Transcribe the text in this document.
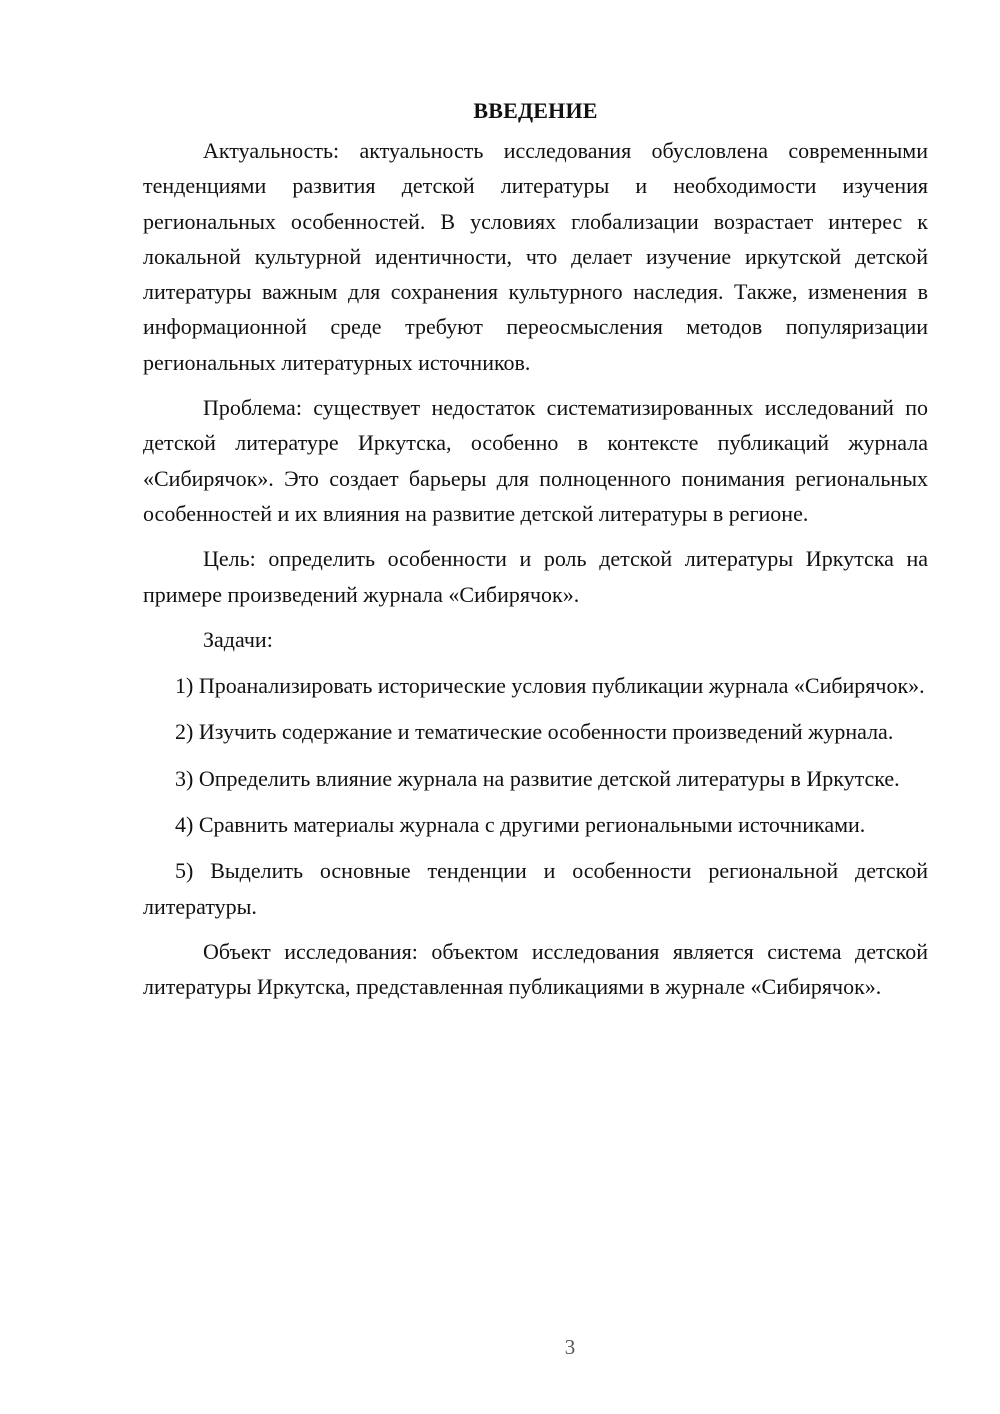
ВВЕДЕНИЕ

Актуальность: актуальность исследования обусловлена современными тенденциями развития детской литературы и необходимости изучения региональных особенностей. В условиях глобализации возрастает интерес к локальной культурной идентичности, что делает изучение иркутской детской литературы важным для сохранения культурного наследия. Также, изменения в информационной среде требуют переосмысления методов популяризации региональных литературных источников.

Проблема: существует недостаток систематизированных исследований по детской литературе Иркутска, особенно в контексте публикаций журнала «Сибирячок». Это создает барьеры для полноценного понимания региональных особенностей и их влияния на развитие детской литературы в регионе.

Цель: определить особенности и роль детской литературы Иркутска на примере произведений журнала «Сибирячок».

Задачи:

1) Проанализировать исторические условия публикации журнала «Сибирячок».

2) Изучить содержание и тематические особенности произведений журнала.

3) Определить влияние журнала на развитие детской литературы в Иркутске.

4) Сравнить материалы журнала с другими региональными источниками.

5) Выделить основные тенденции и особенности региональной детской литературы.

Объект исследования: объектом исследования является система детской литературы Иркутска, представленная публикациями в журнале «Сибирячок».

3
